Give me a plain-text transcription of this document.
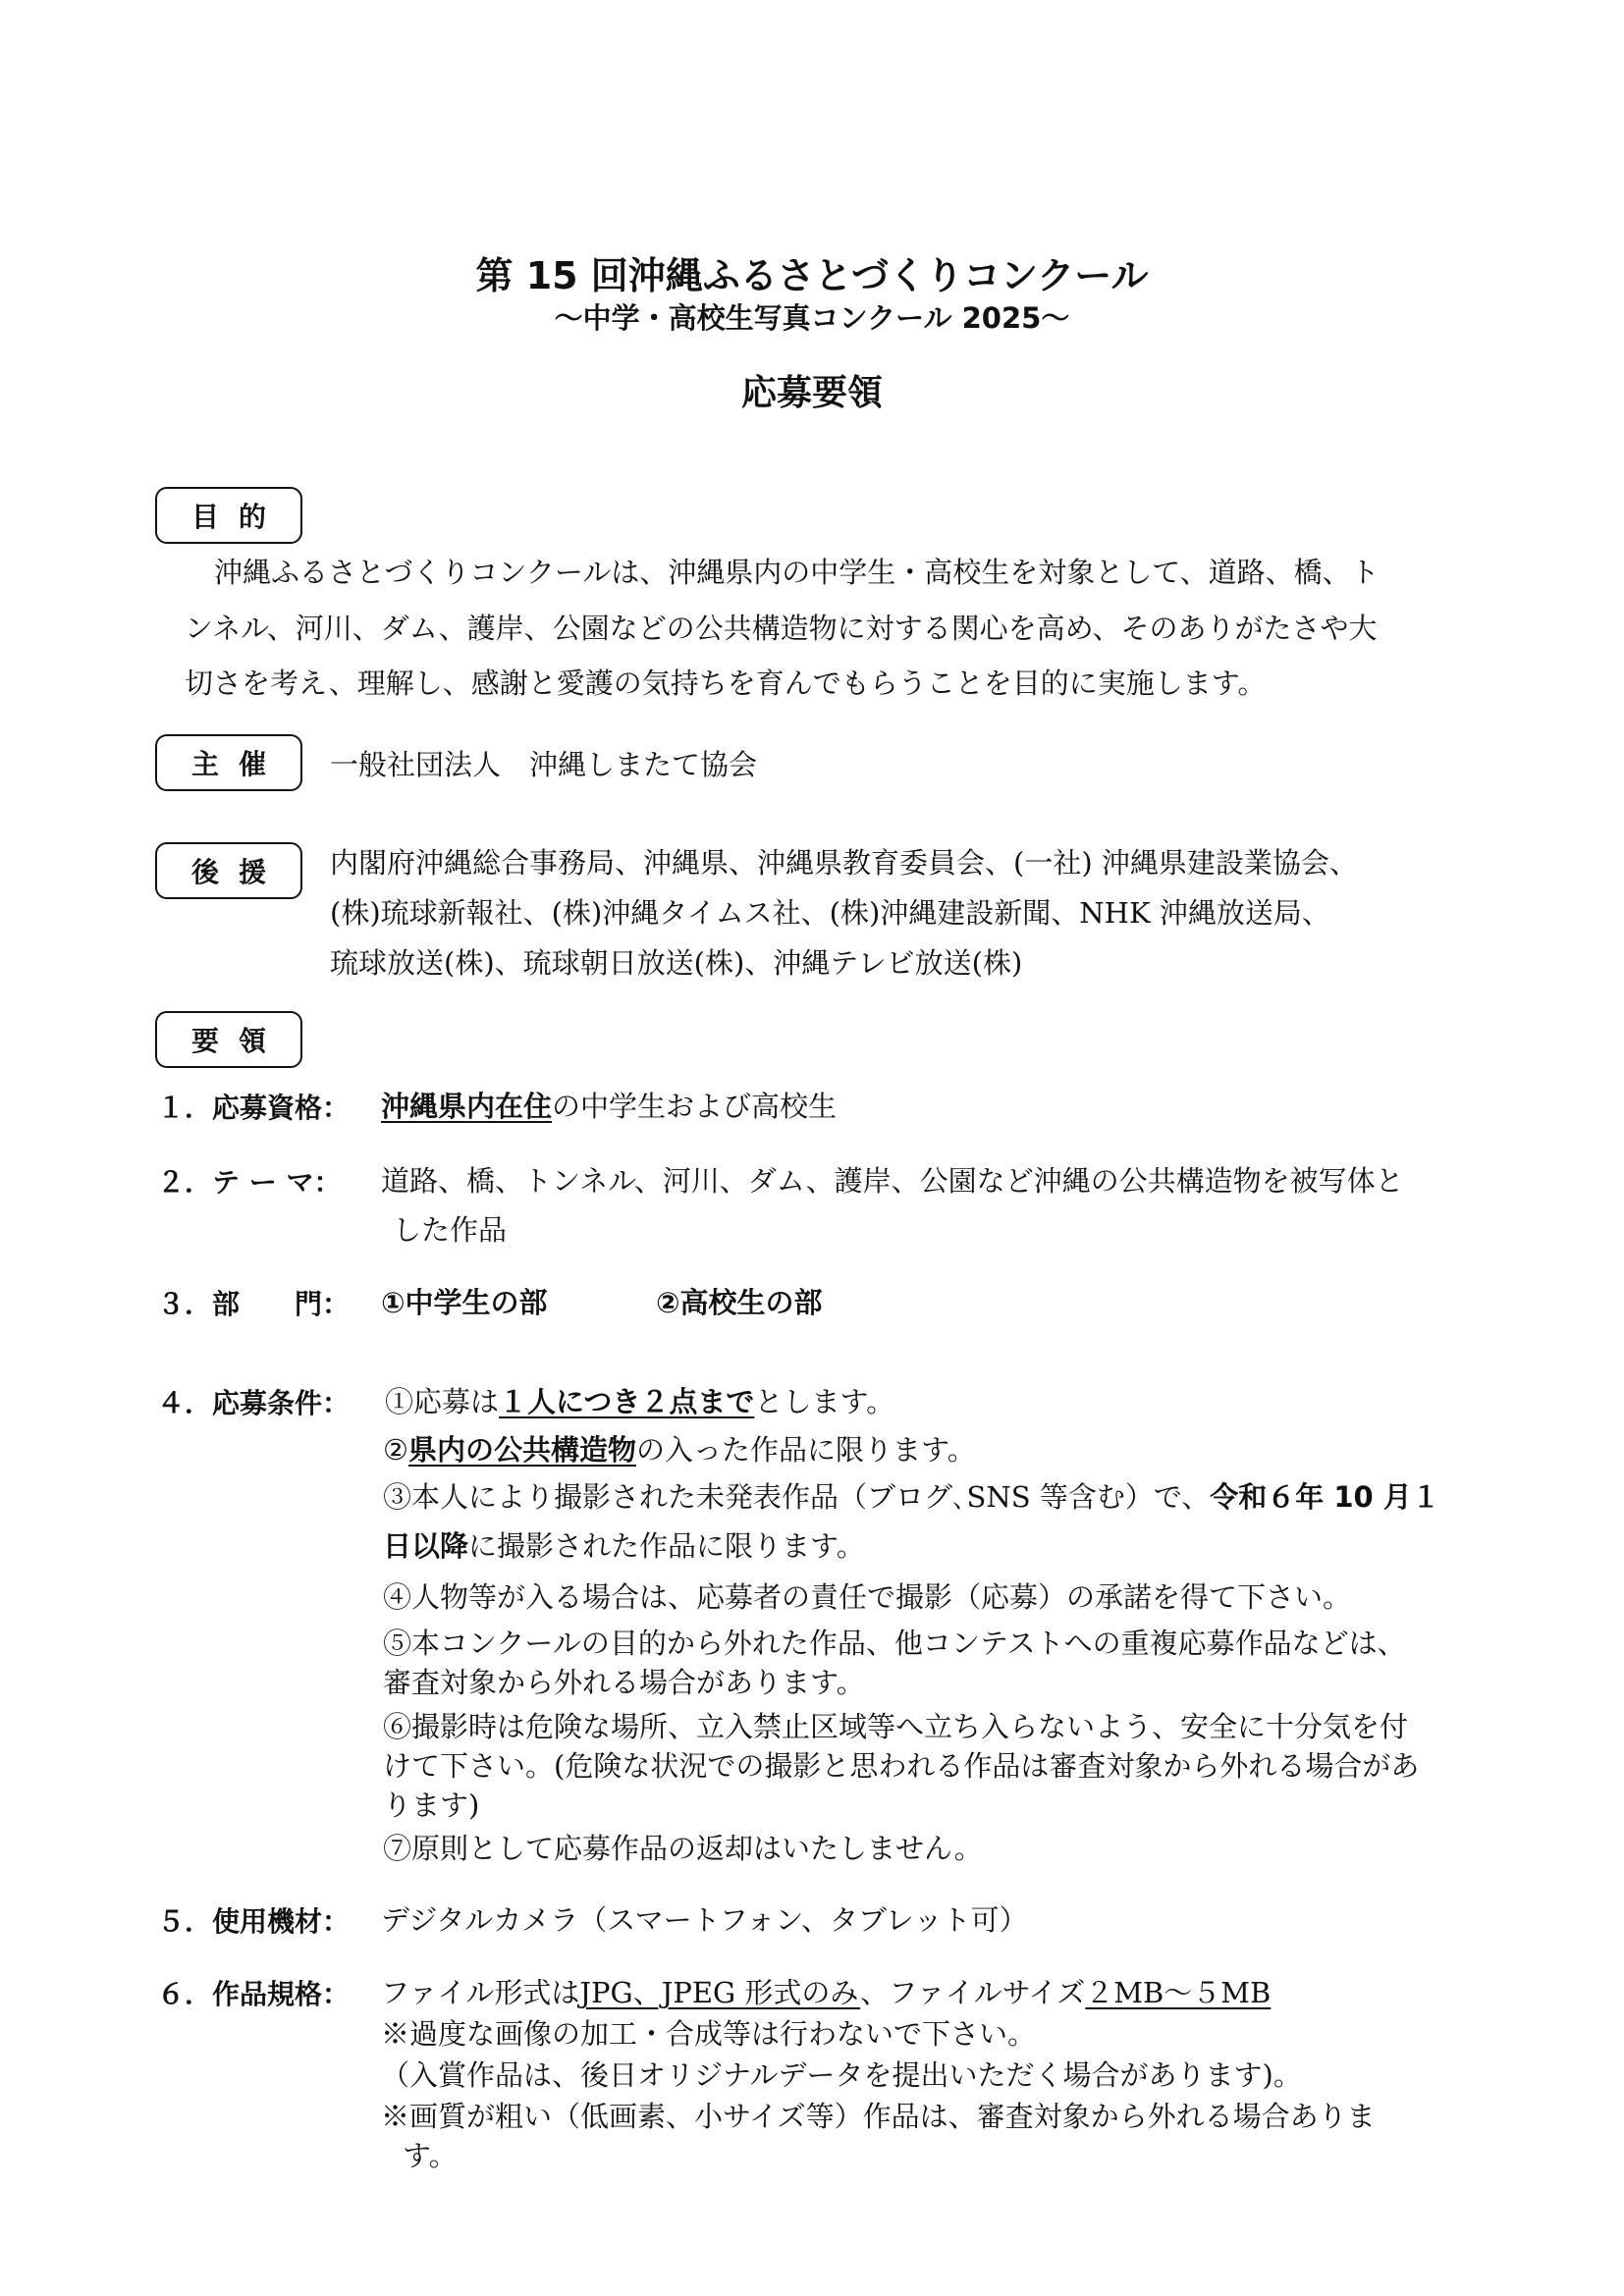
第 15 回沖縄ふるさとづくりコンクール
～中学・高校生写真コンクール 2025～
応募要領
目的
沖縄ふるさとづくりコンクールは、沖縄県内の中学生・高校生を対象として、道路、橋、ト
ンネル、河川、ダム、護岸、公園などの公共構造物に対する関心を高め、そのありがたさや大
切さを考え、理解し、感謝と愛護の気持ちを育んでもらうことを目的に実施します。
主催	一般社団法人　沖縄しまたて協会
後援	内閣府沖縄総合事務局、沖縄県、沖縄県教育委員会、(一社) 沖縄県建設業協会、
(株)琉球新報社、(株)沖縄タイムス社、(株)沖縄建設新聞、NHK 沖縄放送局、
琉球放送(株)、琉球朝日放送(株)、沖縄テレビ放送(株)
要領
１．応募資格： 沖縄県内在住の中学生および高校生
２．テ ー マ： 道路、橋、トンネル、河川、ダム、護岸、公園など沖縄の公共構造物を被写体と
した作品
３．部　　門： ①中学生の部	②高校生の部
４．応募条件： ①応募は１人につき２点までとします。
②県内の公共構造物の入った作品に限ります。
③本人により撮影された未発表作品（ブログ､SNS 等含む）で、令和６年 10 月１
日以降に撮影された作品に限ります。
④人物等が入る場合は、応募者の責任で撮影（応募）の承諾を得て下さい。
⑤本コンクールの目的から外れた作品、他コンテストへの重複応募作品などは、
審査対象から外れる場合があります。
⑥撮影時は危険な場所、立入禁止区域等へ立ち入らないよう、安全に十分気を付
けて下さい。(危険な状況での撮影と思われる作品は審査対象から外れる場合があ
ります)
⑦原則として応募作品の返却はいたしません。
５．使用機材： デジタルカメラ（スマートフォン、タブレット可）
６．作品規格： ファイル形式はJPG、JPEG 形式のみ、ファイルサイズ２MB～５MB
※過度な画像の加工・合成等は行わないで下さい。
（入賞作品は、後日オリジナルデータを提出いただく場合があります)。
※画質が粗い（低画素、小サイズ等）作品は、審査対象から外れる場合ありま
す。
